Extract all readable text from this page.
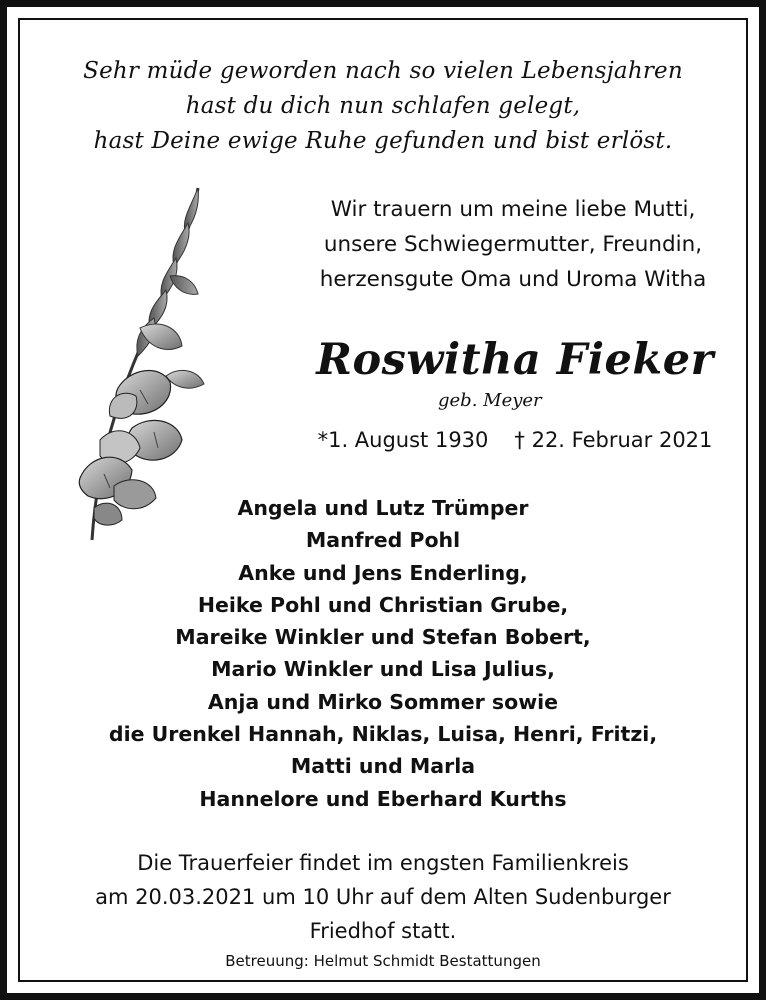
Sehr müde geworden nach so vielen Lebensjahren
hast du dich nun schlafen gelegt,
hast Deine ewige Ruhe gefunden und bist erlöst.
Wir trauern um meine liebe Mutti,
unsere Schwiegermutter, Freundin,
herzensgute Oma und Uroma Witha
Roswitha Fieker
geb. Meyer
*1. August 1930 † 22. Februar 2021
Angela und Lutz Trümper
Manfred Pohl
Anke und Jens Enderling,
Heike Pohl und Christian Grube,
Mareike Winkler und Stefan Bobert,
Mario Winkler und Lisa Julius,
Anja und Mirko Sommer sowie
die Urenkel Hannah, Niklas, Luisa, Henri, Fritzi,
Matti und Marla
Hannelore und Eberhard Kurths
Die Trauerfeier findet im engsten Familienkreis
am 20.03.2021 um 10 Uhr auf dem Alten Sudenburger
Friedhof statt.
Betreuung: Helmut Schmidt Bestattungen
